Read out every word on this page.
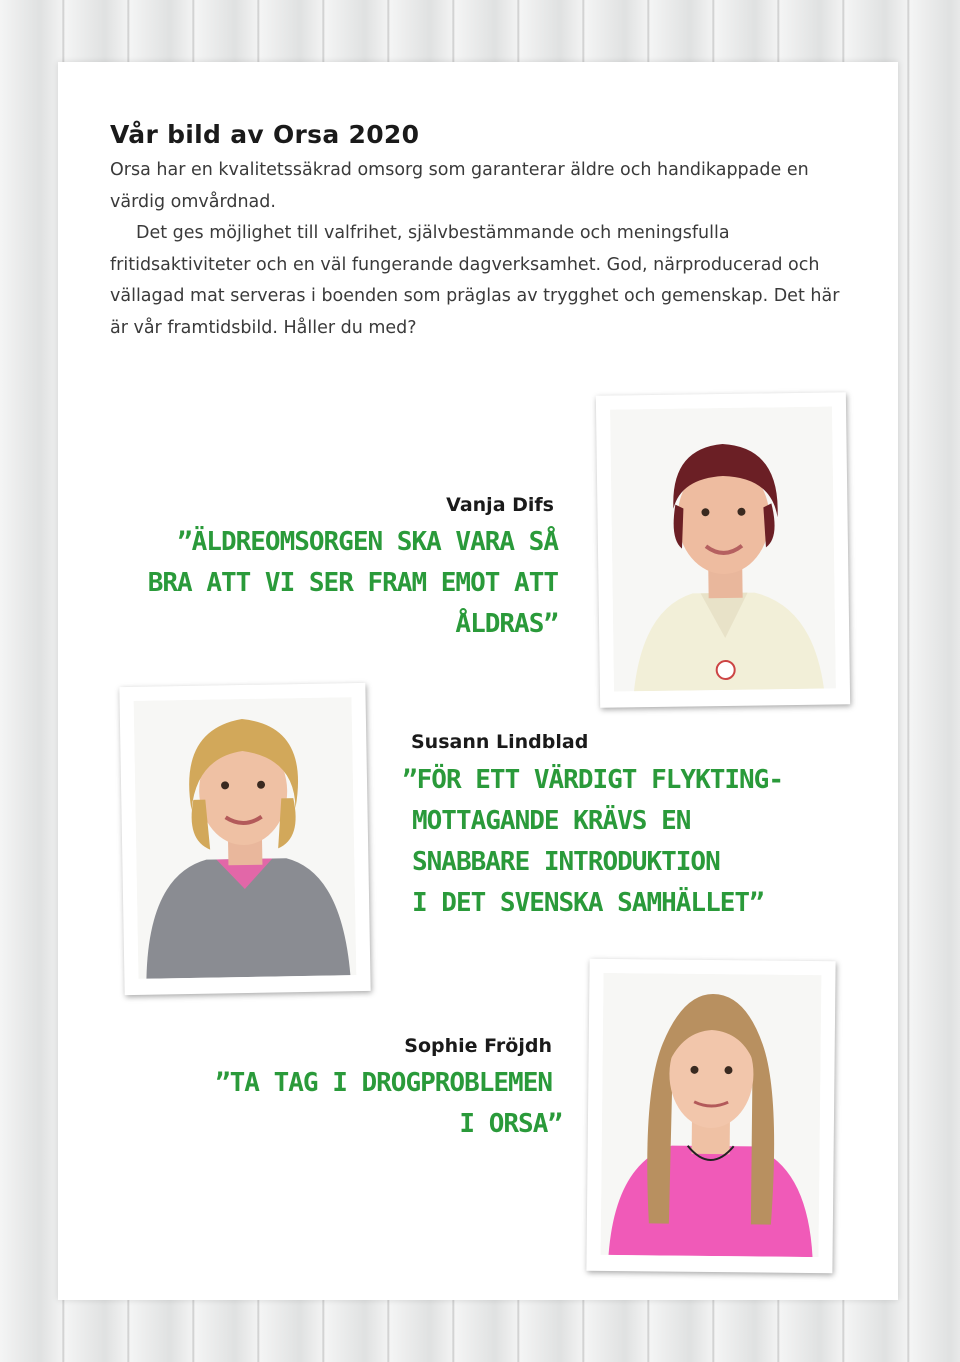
Vår bild av Orsa 2020

Orsa har en kvalitetssäkrad omsorg som garanterar äldre och handikappade en värdig omvårdnad.

Det ges möjlighet till valfrihet, självbestämmande och meningsfulla fritidsaktiviteter och en väl fungerande dagverksamhet. God, närproducerad och vällagad mat serveras i boenden som präglas av trygghet och gemenskap. Det här är vår framtidsbild. Håller du med?

Vanja Difs
”ÄLDREOMSORGEN SKA VARA SÅ
BRA ATT VI SER FRAM EMOT ATT
ÅLDRAS”
Susann Lindblad
”FÖR ETT VÄRDIGT FLYKTING-
MOTTAGANDE KRÄVS EN
SNABBARE INTRODUKTION
I DET SVENSKA SAMHÄLLET”
Sophie Fröjdh
”TA TAG I DROGPROBLEMEN
I ORSA”
